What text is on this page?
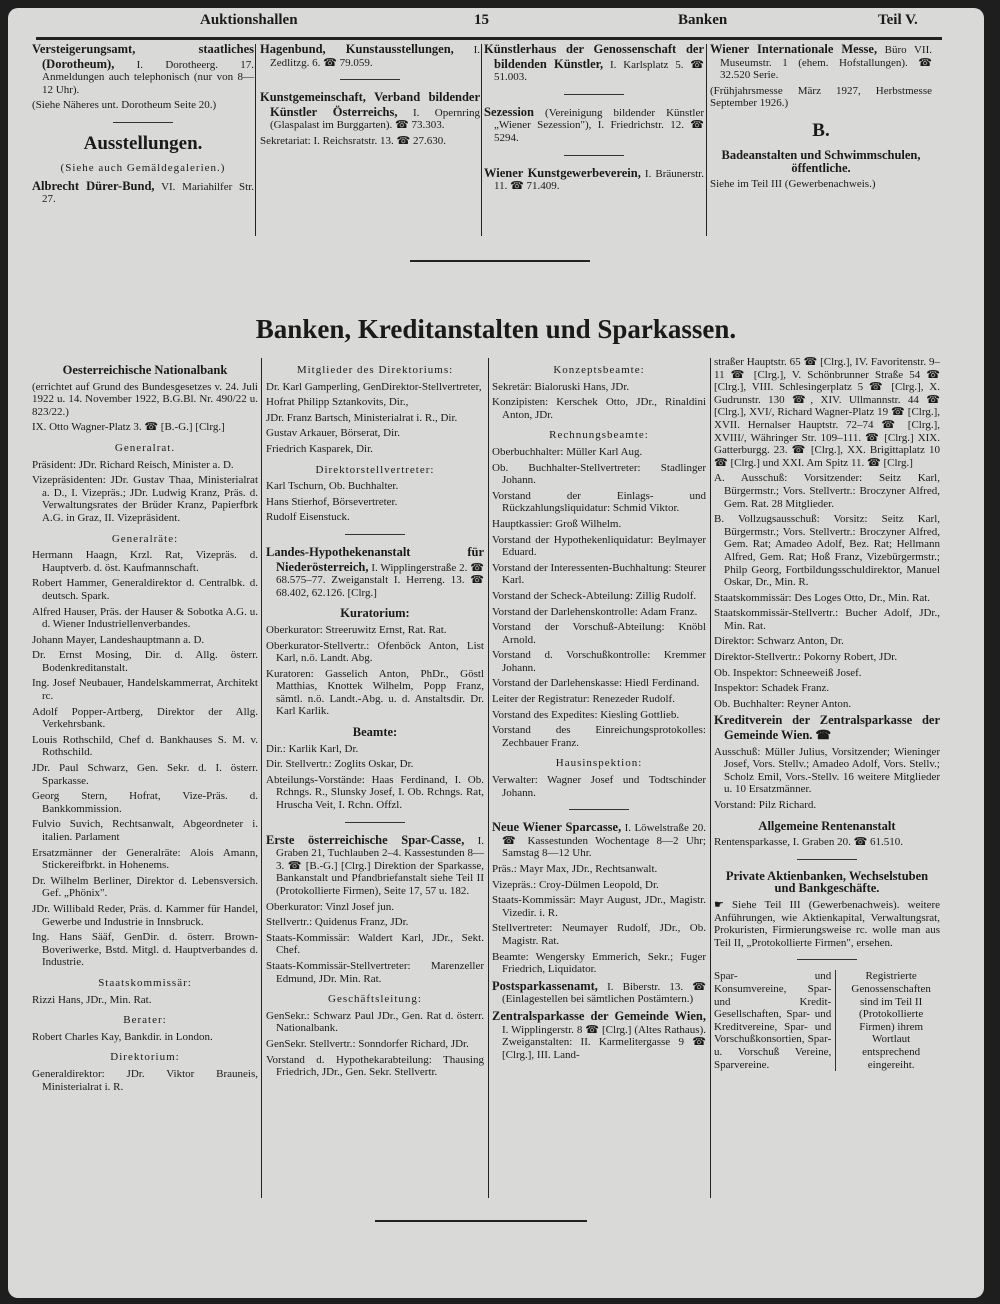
Auktionshallen	15	Banken	Teil V.
Versteigerungsamt, staatliches (Dorotheum), I. Dorotheerg. 17. Anmeldungen auch telephonisch (nur von 8—12 Uhr).
(Siehe Näheres unt. Dorotheum Seite 20.)
Ausstellungen.
(Siehe auch Gemäldegalerien.)
Albrecht Dürer-Bund, VI. Mariahilfer Str. 27.
Hagenbund, Kunstausstellungen, I. Zedlitzg. 6. ☎ 79.059.
Kunstgemeinschaft, Verband bildender Künstler Österreichs, I. Opernring (Glaspalast im Burggarten). ☎ 73.303.
Sekretariat: I. Reichsratstr. 13. ☎ 27.630.
Künstlerhaus der Genossenschaft der bildenden Künstler, I. Karlsplatz 5. ☎ 51.003.
Sezession (Vereinigung bildender Künstler „Wiener Sezession"), I. Friedrichstr. 12. ☎ 5294.
Wiener Kunstgewerbeverein, I. Bräunerstr. 11. ☎ 71.409.
Wiener Internationale Messe, Büro VII. Museumstr. 1 (ehem. Hofstallungen). ☎ 32.520 Serie.
(Frühjahrsmesse März 1927, Herbstmesse September 1926.)
B.
Badeanstalten und Schwimmschulen, öffentliche.
Siehe im Teil III (Gewerbenachweis.)
Banken, Kreditanstalten und Sparkassen.
Oesterreichische Nationalbank
(errichtet auf Grund des Bundesgesetzes v. 24. Juli 1922 u. 14. November 1922, B.G.Bl. Nr. 490/22 u. 823/22.)
IX. Otto Wagner-Platz 3. ☎ [B.-G.] [Clrg.]
Generalrat.
Präsident: JDr. Richard Reisch, Minister a. D.
Vizepräsidenten: JDr. Gustav Thaa, Ministerialrat a. D., I. Vizepräs.; JDr. Ludwig Kranz, Präs. d. Verwaltungsrates der Brüder Kranz, Papierfbrk A.G. in Graz, II. Vizepräsident.
Generalräte:
Hermann Haagn, Krzl. Rat, Vizepräs. d. Hauptverb. d. öst. Kaufmannschaft.
Robert Hammer, Generaldirektor d. Centralbk. d. deutsch. Spark.
Alfred Hauser, Präs. der Hauser & Sobotka A.G. u. d. Wiener Industriellenverbandes.
Johann Mayer, Landeshauptmann a. D.
Dr. Ernst Mosing, Dir. d. Allg. österr. Bodenkreditanstalt.
Ing. Josef Neubauer, Handelskammerrat, Architekt rc.
Adolf Popper-Artberg, Direktor der Allg. Verkehrsbank.
Louis Rothschild, Chef d. Bankhauses S. M. v. Rothschild.
JDr. Paul Schwarz, Gen. Sekr. d. I. österr. Sparkasse.
Georg Stern, Hofrat, Vize-Präs. d. Bankkommission.
Fulvio Suvich, Rechtsanwalt, Abgeordneter i. italien. Parlament
Ersatzmänner der Generalräte: Alois Amann, Stickereifbrkt. in Hohenems.
Dr. Wilhelm Berliner, Direktor d. Lebensversich. Gef. „Phönix".
JDr. Willibald Reder, Präs. d. Kammer für Handel, Gewerbe und Industrie in Innsbruck.
Ing. Hans Sääf, GenDir. d. österr. Brown-Boveriwerke, Bstd. Mitgl. d. Hauptverbandes d. Industrie.
Staatskommissär:
Rizzi Hans, JDr., Min. Rat.
Berater:
Robert Charles Kay, Bankdir. in London.
Direktorium:
Generaldirektor: JDr. Viktor Brauneis, Ministerialrat i. R.
Mitglieder des Direktoriums:
Dr. Karl Gamperling, GenDirektor-Stellvertreter,
Hofrat Philipp Sztankovits, Dir.,
JDr. Franz Bartsch, Ministerialrat i. R., Dir.
Gustav Arkauer, Börserat, Dir.
Friedrich Kasparek, Dir.
Direktorstellvertreter:
Karl Tschurn, Ob. Buchhalter.
Hans Stierhof, Börsevertreter.
Rudolf Eisenstuck.
Landes-Hypothekenanstalt für Niederösterreich, I. Wipplingerstraße 2. ☎ 68.575–77. Zweiganstalt I. Herreng. 13. ☎ 68.402, 62.126. [Clrg.]
Kuratorium:
Oberkurator: Streeruwitz Ernst, Rat. Rat.
Oberkurator-Stellvertr.: Ofenböck Anton, List Karl, n.ö. Landt. Abg.
Kuratoren: Gasselich Anton, PhDr., Göstl Matthias, Knottek Wilhelm, Popp Franz, sämtl. n.ö. Landt.-Abg. u. d. Anstaltsdir. Dr. Karl Karlik.
Beamte:
Dir.: Karlik Karl, Dr.
Dir. Stellvertr.: Zoglits Oskar, Dr.
Abteilungs-Vorstände: Haas Ferdinand, I. Ob. Rchngs. R., Slunsky Josef, I. Ob. Rchngs. Rat, Hruscha Veit, I. Rchn. Offzl.
Erste österreichische Spar-Casse, I. Graben 21, Tuchlauben 2–4. Kassestunden 8—3. ☎ [B.-G.] [Clrg.] Direktion der Sparkasse, Bankanstalt und Pfandbriefanstalt siehe Teil II (Protokollierte Firmen), Seite 17, 57 u. 182.
Oberkurator: Vinzl Josef jun.
Stellvertr.: Quidenus Franz, JDr.
Staats-Kommissär: Waldert Karl, JDr., Sekt. Chef.
Staats-Kommissär-Stellvertreter: Marenzeller Edmund, JDr. Min. Rat.
Geschäftsleitung:
GenSekr.: Schwarz Paul JDr., Gen. Rat d. österr. Nationalbank.
GenSekr. Stellvertr.: Sonndorfer Richard, JDr.
Vorstand d. Hypothekarabteilung: Thausing Friedrich, JDr., Gen. Sekr. Stellvertr.
Konzeptsbeamte:
Sekretär: Bialoruski Hans, JDr.
Konzipisten: Kerschek Otto, JDr., Rinaldini Anton, JDr.
Rechnungsbeamte:
Oberbuchhalter: Müller Karl Aug.
Ob. Buchhalter-Stellvertreter: Stadlinger Johann.
Vorstand der Einlags- und Rückzahlungsliquidatur: Schmid Viktor.
Hauptkassier: Groß Wilhelm.
Vorstand der Hypothekenliquidatur: Beylmayer Eduard.
Vorstand der Interessenten-Buchhaltung: Steurer Karl.
Vorstand der Scheck-Abteilung: Zillig Rudolf.
Vorstand der Darlehenskontrolle: Adam Franz.
Vorstand der Vorschuß-Abteilung: Knöbl Arnold.
Vorstand d. Vorschußkontrolle: Kremmer Johann.
Vorstand der Darlehenskasse: Hiedl Ferdinand.
Leiter der Registratur: Renezeder Rudolf.
Vorstand des Expedites: Kiesling Gottlieb.
Vorstand des Einreichungsprotokolles: Zechbauer Franz.
Hausinspektion:
Verwalter: Wagner Josef und Todtschinder Johann.
Neue Wiener Sparcasse, I. Löwelstraße 20. ☎ Kassestunden Wochentage 8—2 Uhr; Samstag 8—12 Uhr.
Präs.: Mayr Max, JDr., Rechtsanwalt.
Vizepräs.: Croy-Dülmen Leopold, Dr.
Staats-Kommissär: Mayr August, JDr., Magistr. Vizedir. i. R.
Stellvertreter: Neumayer Rudolf, JDr., Ob. Magistr. Rat.
Beamte: Wengersky Emmerich, Sekr.; Fuger Friedrich, Liquidator.
Postsparkassenamt, I. Biberstr. 13. ☎ (Einlagestellen bei sämtlichen Postämtern.)
Zentralsparkasse der Gemeinde Wien, I. Wipplingerstr. 8 ☎ [Clrg.] (Altes Rathaus). Zweiganstalten: II. Karmelitergasse 9 ☎ [Clrg.], III. Land-
straßer Hauptstr. 65 ☎ [Clrg.], IV. Favoritenstr. 9–11 ☎ [Clrg.], V. Schönbrunner Straße 54 ☎ [Clrg.], VIII. Schlesingerplatz 5 ☎ [Clrg.], X. Gudrunstr. 130 ☎, XIV. Ullmannstr. 44 ☎ [Clrg.], XVI/, Richard Wagner-Platz 19 ☎ [Clrg.], XVII. Hernalser Hauptstr. 72–74 ☎ [Clrg.], XVIII/, Währinger Str. 109–111. ☎ [Clrg.] XIX. Gatterburgg. 23. ☎ [Clrg.], XX. Brigittaplatz 10 ☎ [Clrg.] und XXI. Am Spitz 11. ☎ [Clrg.]
A. Ausschuß: Vorsitzender: Seitz Karl, Bürgermstr.; Vors. Stellvertr.: Broczyner Alfred, Gem. Rat. 28 Mitglieder.
B. Vollzugsausschuß: Vorsitz: Seitz Karl, Bürgermstr.; Vors. Stellvertr.: Broczyner Alfred, Gem. Rat; Amadeo Adolf, Bez. Rat; Hellmann Alfred, Gem. Rat; Hoß Franz, Vizebürgermstr.; Philp Georg, Fortbildungsschuldirektor, Manuel Oskar, Dr., Min. R.
Staatskommissär: Des Loges Otto, Dr., Min. Rat.
Staatskommissär-Stellvertr.: Bucher Adolf, JDr., Min. Rat.
Direktor: Schwarz Anton, Dr.
Direktor-Stellvertr.: Pokorny Robert, JDr.
Ob. Inspektor: Schneeweiß Josef.
Inspektor: Schadek Franz.
Ob. Buchhalter: Reyner Anton.
Kreditverein der Zentralsparkasse der Gemeinde Wien. ☎
Ausschuß: Müller Julius, Vorsitzender; Wieninger Josef, Vors. Stellv.; Amadeo Adolf, Vors. Stellv.; Scholz Emil, Vors.-Stellv. 16 weitere Mitglieder u. 10 Ersatzmänner.
Vorstand: Pilz Richard.
Allgemeine Rentenanstalt
Rentensparkasse, I. Graben 20. ☎ 61.510.
Private Aktienbanken, Wechselstuben und Bankgeschäfte.
☛ Siehe Teil III (Gewerbenachweis). weitere Anführungen, wie Aktienkapital, Verwaltungsrat, Prokuristen, Firmierungsweise rc. wolle man aus Teil II, „Protokollierte Firmen", ersehen.
Spar- und Konsumvereine, Spar- und Kredit-Gesellschaften, Spar- und Kreditvereine, Spar- und Vorschußkonsortien, Spar- u. Vorschuß Vereine, Sparvereine.
Registrierte Genossenschaften sind im Teil II (Protokollierte Firmen) ihrem Wortlaut entsprechend eingereiht.
